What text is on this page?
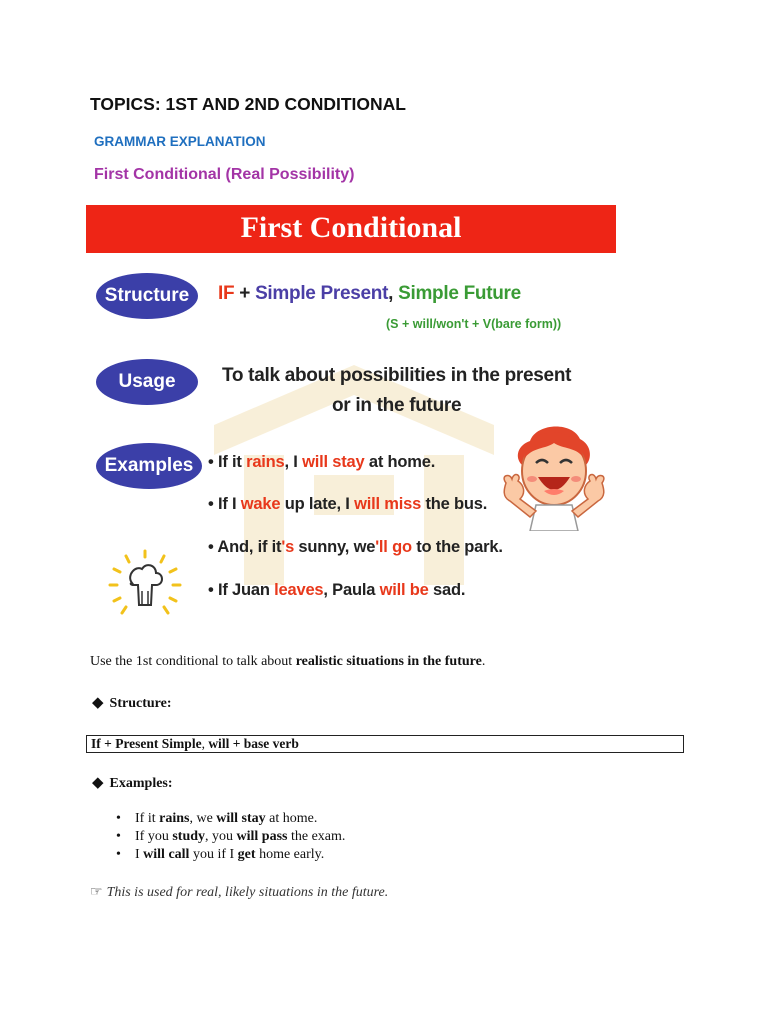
TOPICS: 1ST AND 2ND CONDITIONAL
GRAMMAR EXPLANATION
First Conditional (Real Possibility)
First Conditional
Structure IF + Simple Present, Simple Future
(S + will/won't + V(bare form))
Usage To talk about possibilities in the present
or in the future
Examples • If it rains, I will stay at home.
• If I wake up late, I will miss the bus.
• And, if it's sunny, we'll go to the park.
• If Juan leaves, Paula will be sad.
Use the 1st conditional to talk about realistic situations in the future.
◆ Structure:
If + Present Simple, will + base verb
◆ Examples:
• If it rains, we will stay at home.
• If you study, you will pass the exam.
• I will call you if I get home early.
☞ This is used for real, likely situations in the future.
